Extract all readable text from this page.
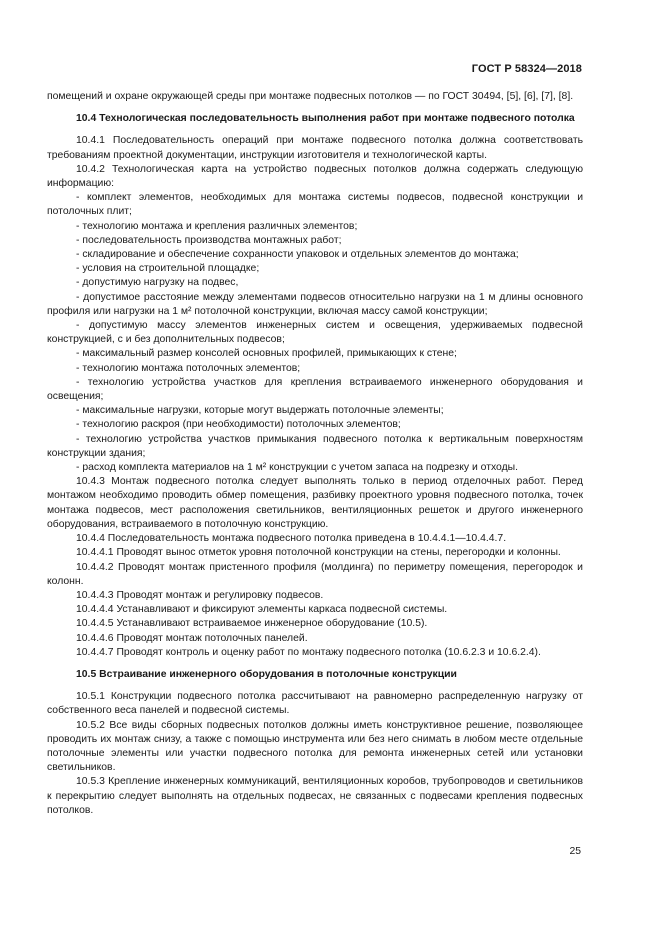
ГОСТ Р 58324—2018

помещений и охране окружающей среды при монтаже подвесных потолков — по ГОСТ 30494, [5], [6], [7], [8].

10.4 Технологическая последовательность выполнения работ при монтаже подвесного потолка

10.4.1 Последовательность операций при монтаже подвесного потолка должна соответствовать требованиям проектной документации, инструкции изготовителя и технологической карты.

10.4.2 Технологическая карта на устройство подвесных потолков должна содержать следующую информацию:

- комплект элементов, необходимых для монтажа системы подвесов, подвесной конструкции и потолочных плит;

- технологию монтажа и крепления различных элементов;

- последовательность производства монтажных работ;

- складирование и обеспечение сохранности упаковок и отдельных элементов до монтажа;

- условия на строительной площадке;

- допустимую нагрузку на подвес,

- допустимое расстояние между элементами подвесов относительно нагрузки на 1 м длины основного профиля или нагрузки на 1 м² потолочной конструкции, включая массу самой конструкции;

- допустимую массу элементов инженерных систем и освещения, удерживаемых подвесной конструкцией, с и без дополнительных подвесов;

- максимальный размер консолей основных профилей, примыкающих к стене;

- технологию монтажа потолочных элементов;

- технологию устройства участков для крепления встраиваемого инженерного оборудования и освещения;

- максимальные нагрузки, которые могут выдержать потолочные элементы;

- технологию раскроя (при необходимости) потолочных элементов;

- технологию устройства участков примыкания подвесного потолка к вертикальным поверхностям конструкции здания;

- расход комплекта материалов на 1 м² конструкции с учетом запаса на подрезку и отходы.

10.4.3 Монтаж подвесного потолка следует выполнять только в период отделочных работ. Перед монтажом необходимо проводить обмер помещения, разбивку проектного уровня подвесного потолка, точек монтажа подвесов, мест расположения светильников, вентиляционных решеток и другого инженерного оборудования, встраиваемого в потолочную конструкцию.

10.4.4 Последовательность монтажа подвесного потолка приведена в 10.4.4.1—10.4.4.7.

10.4.4.1 Проводят вынос отметок уровня потолочной конструкции на стены, перегородки и колонны.

10.4.4.2 Проводят монтаж пристенного профиля (молдинга) по периметру помещения, перегородок и колонн.

10.4.4.3 Проводят монтаж и регулировку подвесов.

10.4.4.4 Устанавливают и фиксируют элементы каркаса подвесной системы.

10.4.4.5 Устанавливают встраиваемое инженерное оборудование (10.5).

10.4.4.6 Проводят монтаж потолочных панелей.

10.4.4.7 Проводят контроль и оценку работ по монтажу подвесного потолка (10.6.2.3 и 10.6.2.4).

10.5 Встраивание инженерного оборудования в потолочные конструкции

10.5.1 Конструкции подвесного потолка рассчитывают на равномерно распределенную нагрузку от собственного веса панелей и подвесной системы.

10.5.2 Все виды сборных подвесных потолков должны иметь конструктивное решение, позволяющее проводить их монтаж снизу, а также с помощью инструмента или без него снимать в любом месте отдельные потолочные элементы или участки подвесного потолка для ремонта инженерных сетей или установки светильников.

10.5.3 Крепление инженерных коммуникаций, вентиляционных коробов, трубопроводов и светильников к перекрытию следует выполнять на отдельных подвесах, не связанных с подвесами крепления подвесных потолков.

25
